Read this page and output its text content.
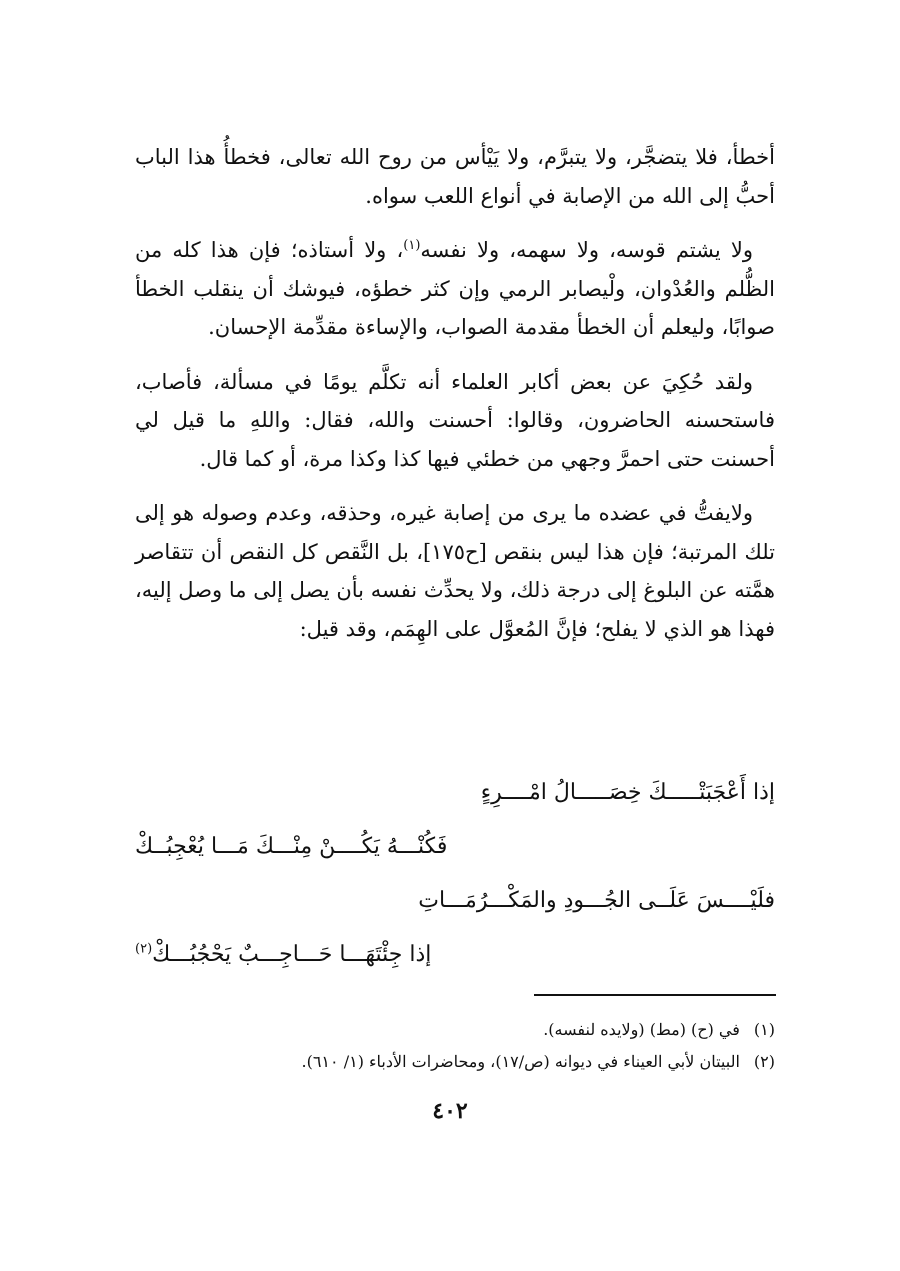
أخطأ، فلا يتضجَّر، ولا يتبرَّم، ولا يَيْأس من روح الله تعالى، فخطأُ هذا الباب أحبُّ إلى الله من الإصابة في أنواع اللعب سواه.

ولا يشتم قوسه، ولا سهمه، ولا نفسه$^{(١)}$، ولا أستاذه؛ فإن هذا كله من الظُّلم والعُدْوان، ولْيصابر الرمي وإن كثر خطؤه، فيوشك أن ينقلب الخطأ صوابًا، وليعلم أن الخطأ مقدمة الصواب، والإساءة مقدِّمة الإحسان.

ولقد حُكِيَ عن بعض أكابر العلماء أنه تكلَّم يومًا في مسألة، فأصاب، فاستحسنه الحاضرون، وقالوا: أحسنت والله، فقال: واللهِ ما قيل لي أحسنت حتى احمرَّ وجهي من خطئي فيها كذا وكذا مرة، أو كما قال.

ولايفتُّ في عضده ما يرى من إصابة غيره، وحذقه، وعدم وصوله هو إلى تلك المرتبة؛ فإن هذا ليس بنقص [ح١٧٥]، بل النَّقص كل النقص أن تتقاصر همَّته عن البلوغ إلى درجة ذلك، ولا يحدِّث نفسه بأن يصل إلى ما وصل إليه، فهذا هو الذي لا يفلح؛ فإنَّ المُعوَّل على الهِمَم، وقد قيل:

إذا أَعْجَبَتْـــــكَ خِصَـــــالُ امْــــرِءٍ
فَكُنْـــهُ يَكُــــنْ مِنْـــكَ مَـــا يُعْجِبُــكْ
فلَيْــــسَ عَلَــى الجُـــودِ والمَكْـــرُمَـــاتِ
إذا جِئْتَهَـــا حَـــاجِـــبٌ يَحْجُبُـــكْ$^{(٢)}$
(١)في (ح) (مط) (ولايده لنفسه).
(٢)البيتان لأبي العيناء في ديوانه (ص/١٧)، ومحاضرات الأدباء (١/ ٦١٠).
٤٠٢
